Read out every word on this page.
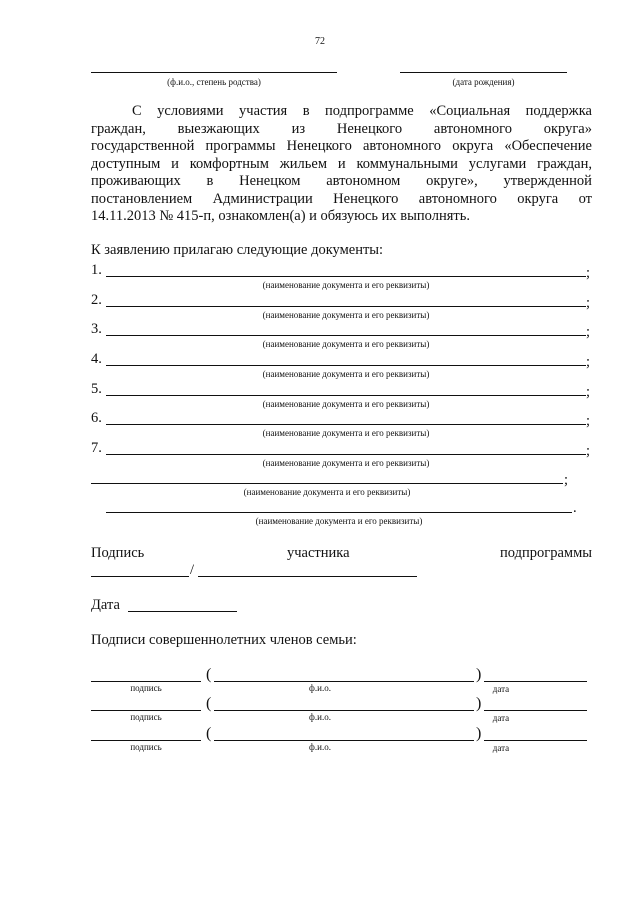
72
(ф.и.о., степень родства)	(дата рождения)
С условиями участия в подпрограмме «Социальная поддержка
граждан, выезжающих из Ненецкого автономного округа»
государственной программы Ненецкого автономного округа «Обеспечение
доступным и комфортным жильем и коммунальными услугами граждан,
проживающих в Ненецком автономном округе», утвержденной
постановлением Администрации Ненецкого автономного округа от
14.11.2013 № 415-п, ознакомлен(а) и обязуюсь их выполнять.
К заявлению прилагаю следующие документы:
1.	;
(наименование документа и его реквизиты)
2.	;
(наименование документа и его реквизиты)
3.	;
(наименование документа и его реквизиты)
4.	;
(наименование документа и его реквизиты)
5.	;
(наименование документа и его реквизиты)
6.	;
(наименование документа и его реквизиты)
7.	;
(наименование документа и его реквизиты)
;
(наименование документа и его реквизиты)
.
(наименование документа и его реквизиты)
Подпись	участника	подпрограммы
/
Дата
Подписи совершеннолетних членов семьи:
(	)
подпись	ф.и.о.	дата
(	)
подпись	ф.и.о.	дата
(	)
подпись	ф.и.о.	дата
